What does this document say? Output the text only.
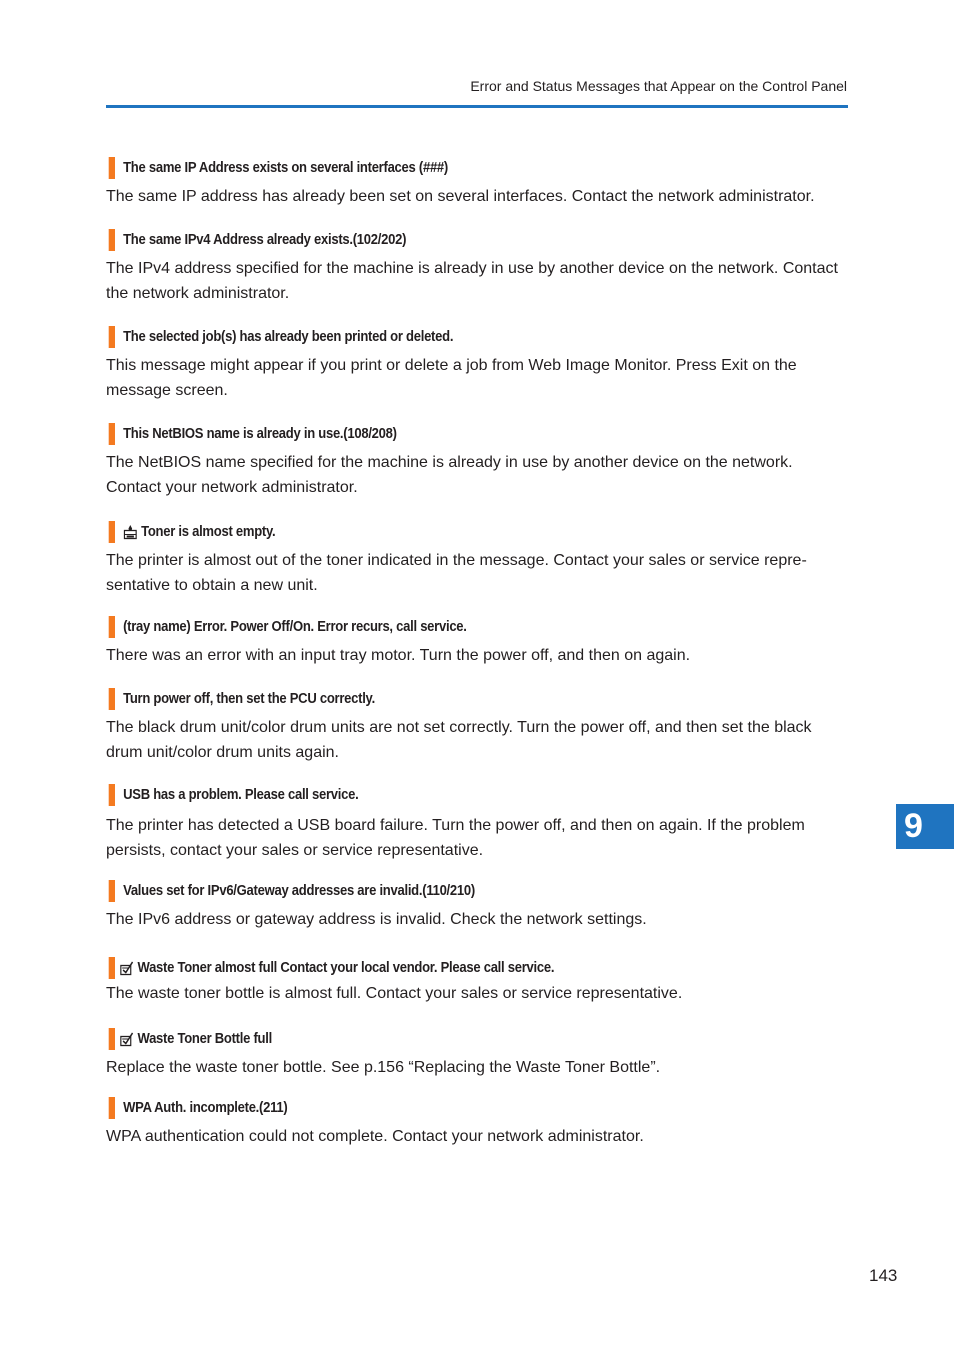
Error and Status Messages that Appear on the Control Panel
The same IP Address exists on several interfaces (###)
The same IP address has already been set on several interfaces. Contact the network administrator.
The same IPv4 Address already exists.(102/202)
The IPv4 address specified for the machine is already in use by another device on the network. Contact the network administrator.
The selected job(s) has already been printed or deleted.
This message might appear if you print or delete a job from Web Image Monitor. Press Exit on the message screen.
This NetBIOS name is already in use.(108/208)
The NetBIOS name specified for the machine is already in use by another device on the network. Contact your network administrator.
Toner is almost empty.
The printer is almost out of the toner indicated in the message. Contact your sales or service repre-sentative to obtain a new unit.
(tray name) Error. Power Off/On. Error recurs, call service.
There was an error with an input tray motor. Turn the power off, and then on again.
Turn power off, then set the PCU correctly.
The black drum unit/color drum units are not set correctly. Turn the power off, and then set the black drum unit/color drum units again.
USB has a problem. Please call service.
The printer has detected a USB board failure. Turn the power off, and then on again. If the problem persists, contact your sales or service representative.
Values set for IPv6/Gateway addresses are invalid.(110/210)
The IPv6 address or gateway address is invalid. Check the network settings.
Waste Toner almost full Contact your local vendor. Please call service.
The waste toner bottle is almost full. Contact your sales or service representative.
Waste Toner Bottle full
Replace the waste toner bottle. See p.156 “Replacing the Waste Toner Bottle”.
WPA Auth. incomplete.(211)
WPA authentication could not complete. Contact your network administrator.
9
143
